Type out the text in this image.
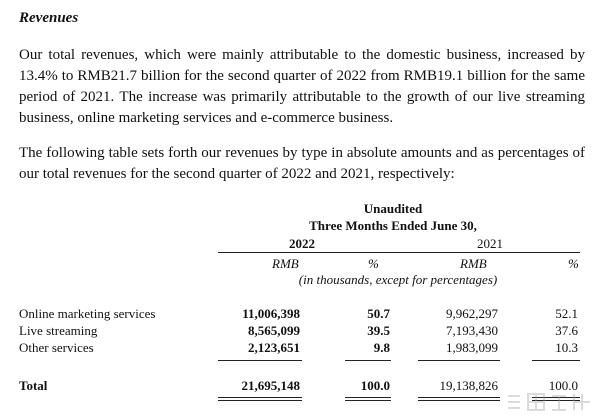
Revenues
Our total revenues, which were mainly attributable to the domestic business, increased by 13.4% to RMB21.7 billion for the second quarter of 2022 from RMB19.1 billion for the same period of 2021. The increase was primarily attributable to the growth of our live streaming business, online marketing services and e-commerce business.
The following table sets forth our revenues by type in absolute amounts and as percentages of our total revenues for the second quarter of 2022 and 2021, respectively:
Unaudited
Three Months Ended June 30,
2022	2021
RMB	%	RMB	%
(in thousands, except for percentages)
Online marketing services	11,006,398	50.7	9,962,297	52.1
Live streaming	8,565,099	39.5	7,193,430	37.6
Other services	2,123,651	9.8	1,983,099	10.3
Total	21,695,148	100.0	19,138,826	100.0
